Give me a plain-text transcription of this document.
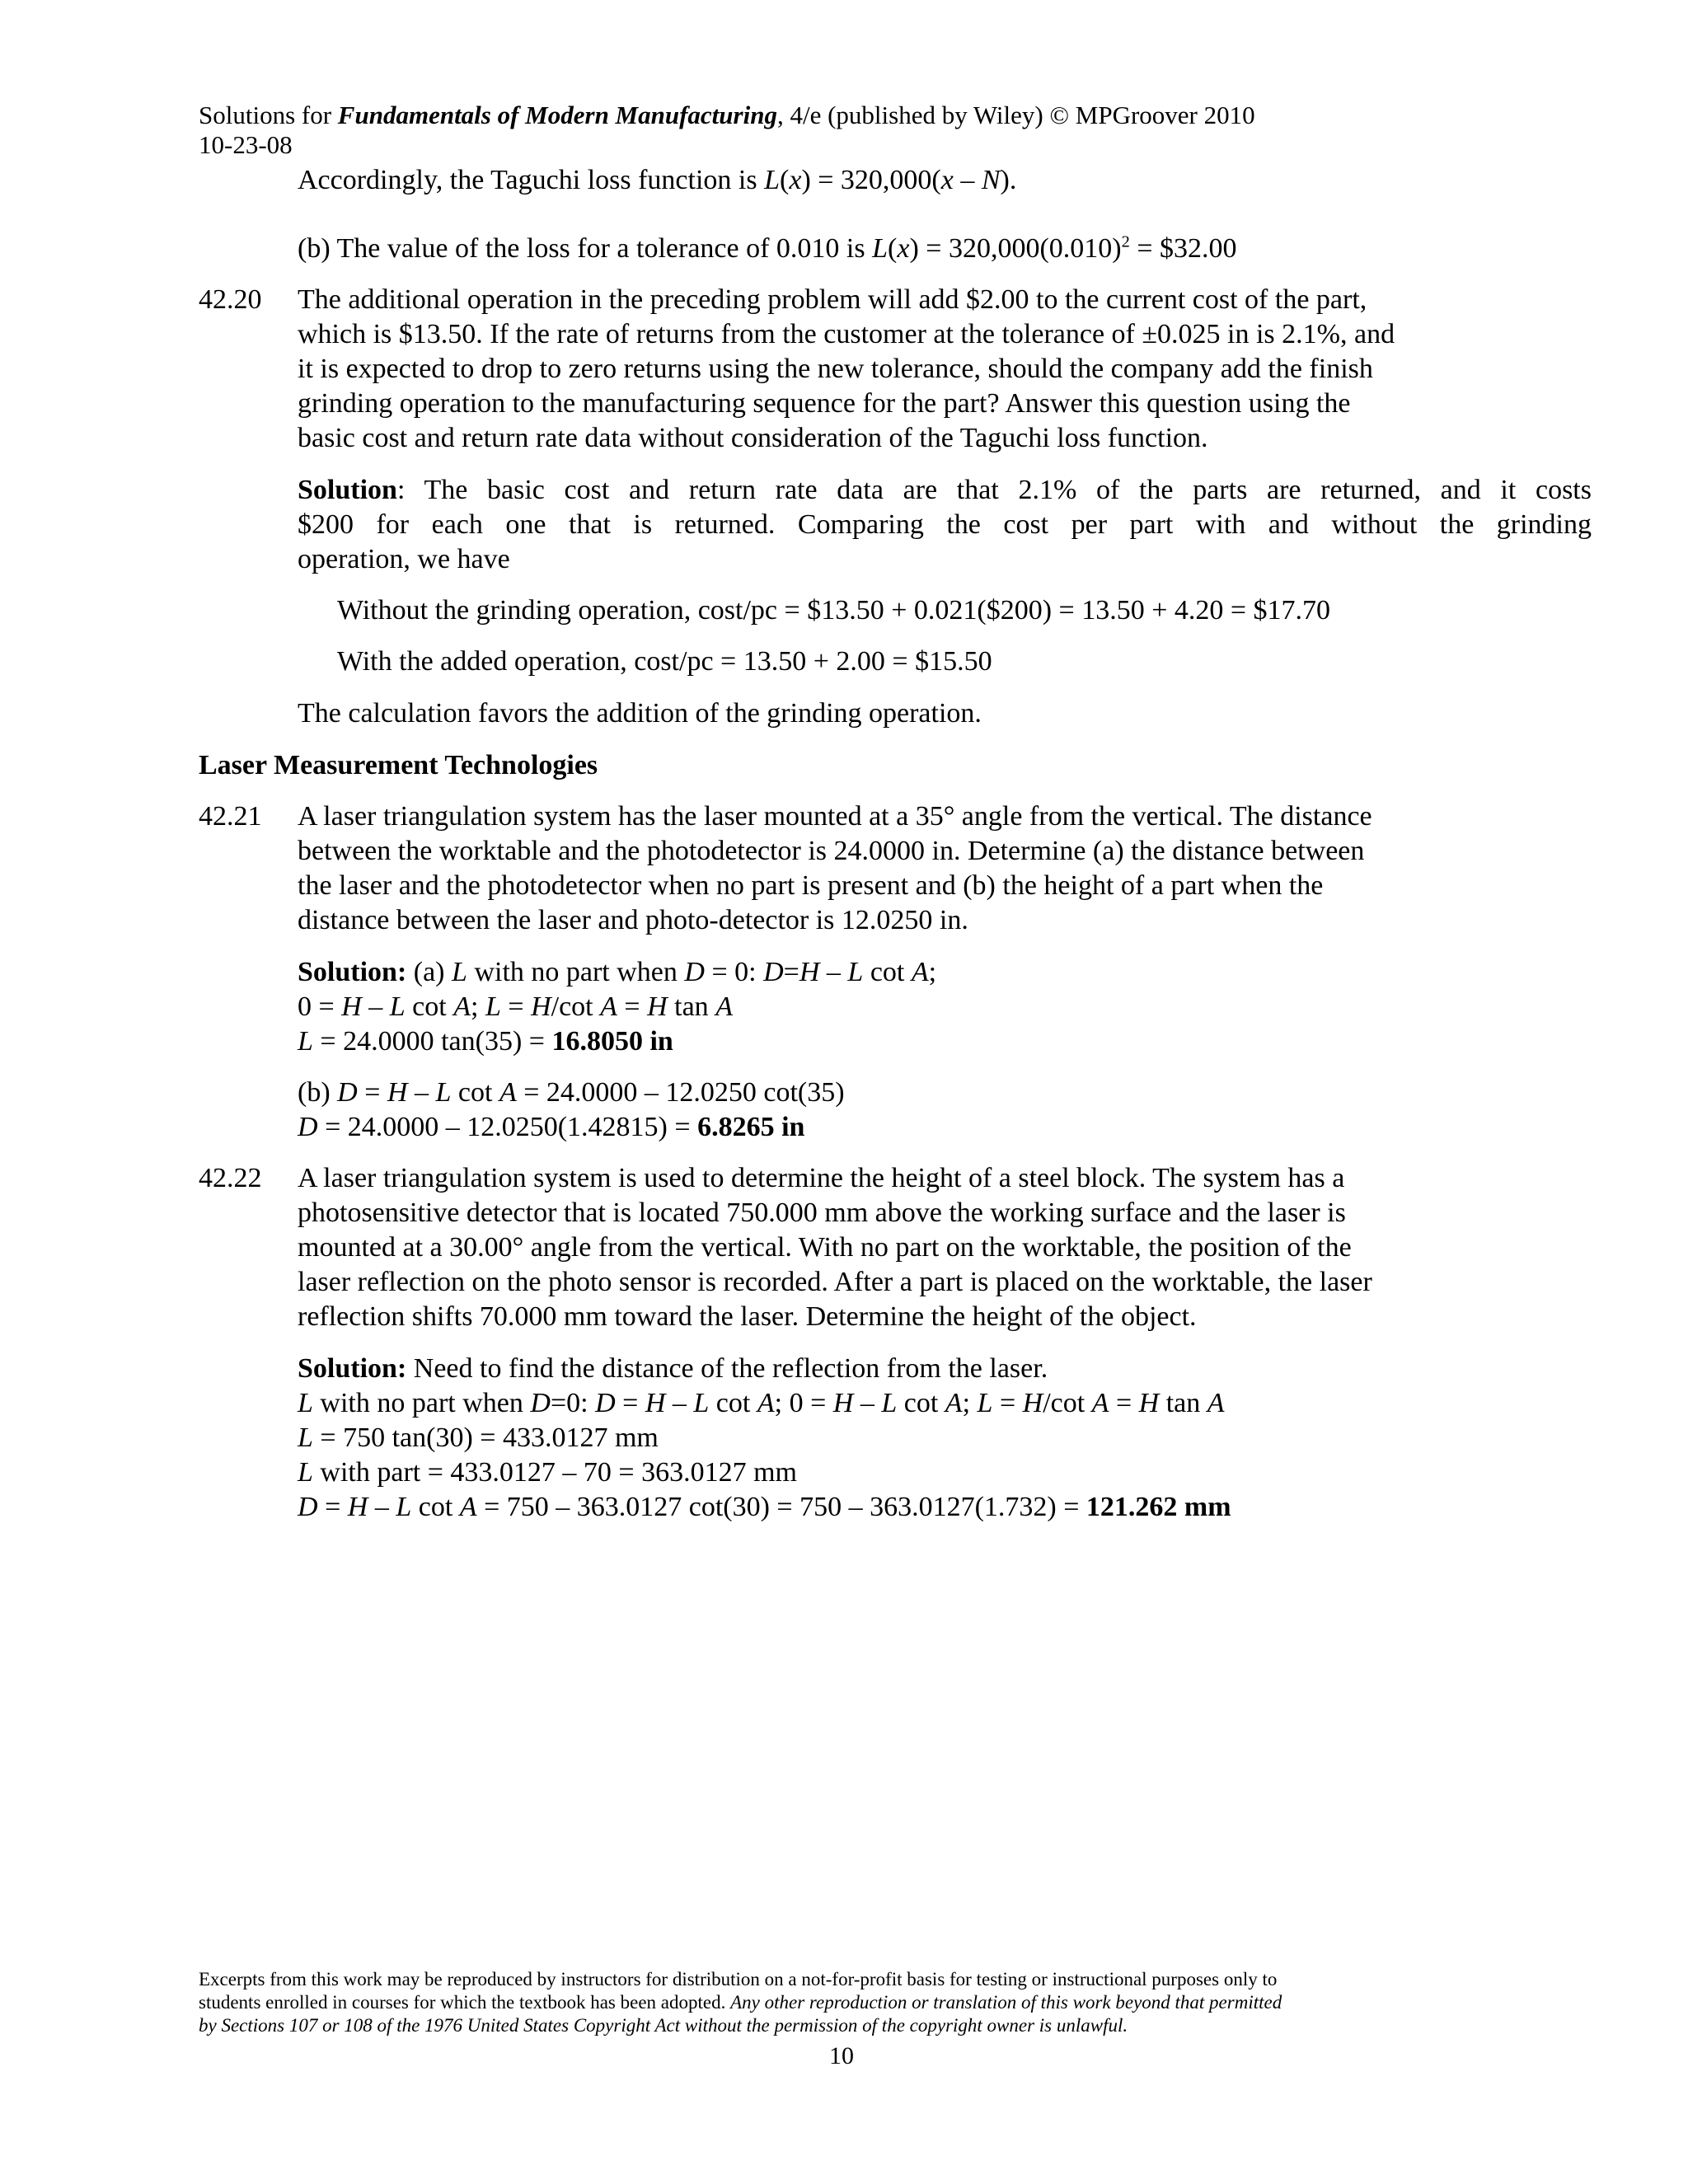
Solutions for Fundamentals of Modern Manufacturing, 4/e (published by Wiley) © MPGroover 2010
10-23-08
Accordingly, the Taguchi loss function is L(x) = 320,000(x – N).
(b) The value of the loss for a tolerance of 0.010 is $L(x) = 320,000(0.010)^2$ = $32.00
42.20 The additional operation in the preceding problem will add $2.00 to the current cost of the part,
which is $13.50. If the rate of returns from the customer at the tolerance of ±0.025 in is 2.1%, and
it is expected to drop to zero returns using the new tolerance, should the company add the finish
grinding operation to the manufacturing sequence for the part? Answer this question using the
basic cost and return rate data without consideration of the Taguchi loss function.
Solution: The basic cost and return rate data are that 2.1% of the parts are returned, and it costs
$200 for each one that is returned. Comparing the cost per part with and without the grinding
operation, we have
Without the grinding operation, cost/pc = $13.50 + 0.021($200) = 13.50 + 4.20 = $17.70
With the added operation, cost/pc = 13.50 + 2.00 = $15.50
The calculation favors the addition of the grinding operation.
Laser Measurement Technologies
42.21 A laser triangulation system has the laser mounted at a 35° angle from the vertical. The distance
between the worktable and the photodetector is 24.0000 in. Determine (a) the distance between
the laser and the photodetector when no part is present and (b) the height of a part when the
distance between the laser and photo-detector is 12.0250 in.
Solution: (a) L with no part when D = 0: D=H – L cot A;
0 = H – L cot A; L = H/cot A = H tan A
L = 24.0000 tan(35) = 16.8050 in
(b) D = H – L cot A = 24.0000 – 12.0250 cot(35)
D = 24.0000 – 12.0250(1.42815) = 6.8265 in
42.22 A laser triangulation system is used to determine the height of a steel block. The system has a
photosensitive detector that is located 750.000 mm above the working surface and the laser is
mounted at a 30.00° angle from the vertical. With no part on the worktable, the position of the
laser reflection on the photo sensor is recorded. After a part is placed on the worktable, the laser
reflection shifts 70.000 mm toward the laser. Determine the height of the object.
Solution: Need to find the distance of the reflection from the laser.
L with no part when D=0: D = H – L cot A; 0 = H – L cot A; L = H/cot A = H tan A
L = 750 tan(30) = 433.0127 mm
L with part = 433.0127 – 70 = 363.0127 mm
D = H – L cot A = 750 – 363.0127 cot(30) = 750 – 363.0127(1.732) = 121.262 mm
Excerpts from this work may be reproduced by instructors for distribution on a not-for-profit basis for testing or instructional purposes only to
students enrolled in courses for which the textbook has been adopted. Any other reproduction or translation of this work beyond that permitted
by Sections 107 or 108 of the 1976 United States Copyright Act without the permission of the copyright owner is unlawful.
10
